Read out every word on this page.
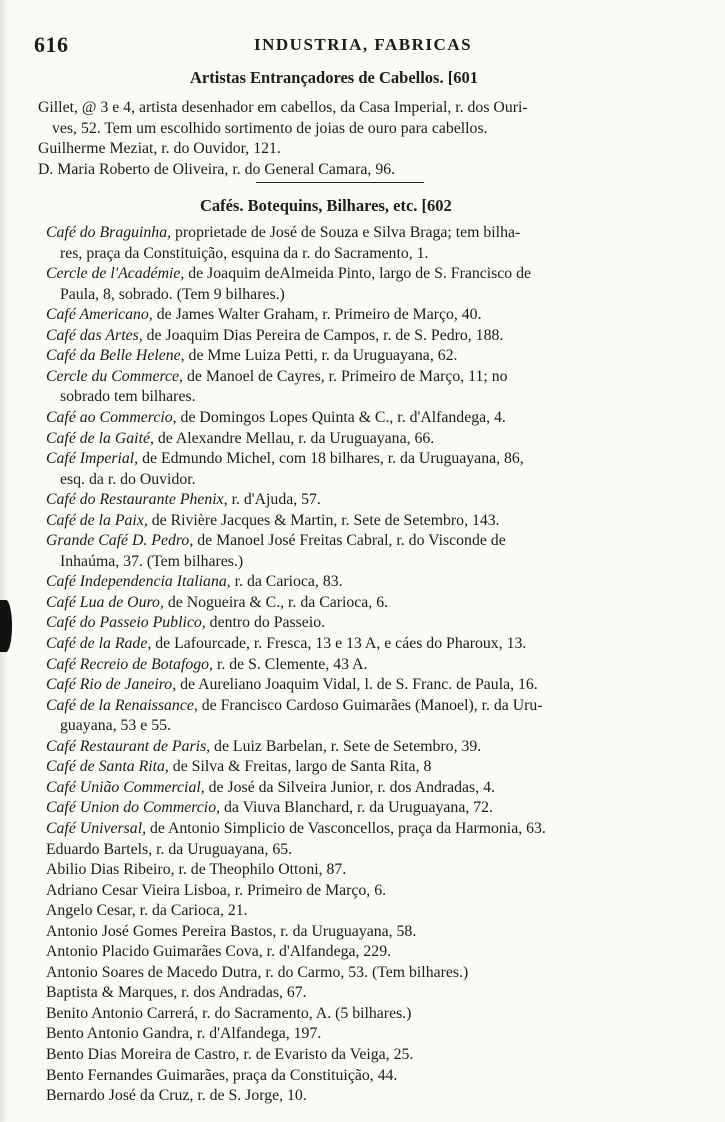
616	INDUSTRIA, FABRICAS
Artistas Entrançadores de Cabellos. [601
Gillet, @ 3 e 4, artista desenhador em cabellos, da Casa Imperial, r. dos Ouri-
ves, 52. Tem um escolhido sortimento de joias de ouro para cabellos.
Guilherme Meziat, r. do Ouvidor, 121.
D. Maria Roberto de Oliveira, r. do General Camara, 96.
Cafés. Botequins, Bilhares, etc. [602
Café do Braguinha, proprietade de José de Souza e Silva Braga; tem bilha-
res, praça da Constituição, esquina da r. do Sacramento, 1.
Cercle de l'Académie, de Joaquim deAlmeida Pinto, largo de S. Francisco de
Paula, 8, sobrado. (Tem 9 bilhares.)
Café Americano, de James Walter Graham, r. Primeiro de Março, 40.
Café das Artes, de Joaquim Dias Pereira de Campos, r. de S. Pedro, 188.
Café da Belle Helene, de Mme Luiza Petti, r. da Uruguayana, 62.
Cercle du Commerce, de Manoel de Cayres, r. Primeiro de Março, 11; no
sobrado tem bilhares.
Café ao Commercio, de Domingos Lopes Quinta & C., r. d'Alfandega, 4.
Café de la Gaité, de Alexandre Mellau, r. da Uruguayana, 66.
Café Imperial, de Edmundo Michel, com 18 bilhares, r. da Uruguayana, 86,
esq. da r. do Ouvidor.
Café do Restaurante Phenix, r. d'Ajuda, 57.
Café de la Paix, de Rivière Jacques & Martin, r. Sete de Setembro, 143.
Grande Café D. Pedro, de Manoel José Freitas Cabral, r. do Visconde de
Inhaúma, 37. (Tem bilhares.)
Café Independencia Italiana, r. da Carioca, 83.
Café Lua de Ouro, de Nogueira & C., r. da Carioca, 6.
Café do Passeio Publico, dentro do Passeio.
Café de la Rade, de Lafourcade, r. Fresca, 13 e 13 A, e cáes do Pharoux, 13.
Café Recreio de Botafogo, r. de S. Clemente, 43 A.
Café Rio de Janeiro, de Aureliano Joaquim Vidal, l. de S. Franc. de Paula, 16.
Café de la Renaissance, de Francisco Cardoso Guimarães (Manoel), r. da Uru-
guayana, 53 e 55.
Café Restaurant de Paris, de Luiz Barbelan, r. Sete de Setembro, 39.
Café de Santa Rita, de Silva & Freitas, largo de Santa Rita, 8
Café União Commercial, de José da Silveira Junior, r. dos Andradas, 4.
Café Union do Commercio, da Viuva Blanchard, r. da Uruguayana, 72.
Café Universal, de Antonio Simplicio de Vasconcellos, praça da Harmonia, 63.
Eduardo Bartels, r. da Uruguayana, 65.
Abilio Dias Ribeiro, r. de Theophilo Ottoni, 87.
Adriano Cesar Vieira Lisboa, r. Primeiro de Março, 6.
Angelo Cesar, r. da Carioca, 21.
Antonio José Gomes Pereira Bastos, r. da Uruguayana, 58.
Antonio Placido Guimarães Cova, r. d'Alfandega, 229.
Antonio Soares de Macedo Dutra, r. do Carmo, 53. (Tem bilhares.)
Baptista & Marques, r. dos Andradas, 67.
Benito Antonio Carrerá, r. do Sacramento, A. (5 bilhares.)
Bento Antonio Gandra, r. d'Alfandega, 197.
Bento Dias Moreira de Castro, r. de Evaristo da Veiga, 25.
Bento Fernandes Guimarães, praça da Constituição, 44.
Bernardo José da Cruz, r. de S. Jorge, 10.
